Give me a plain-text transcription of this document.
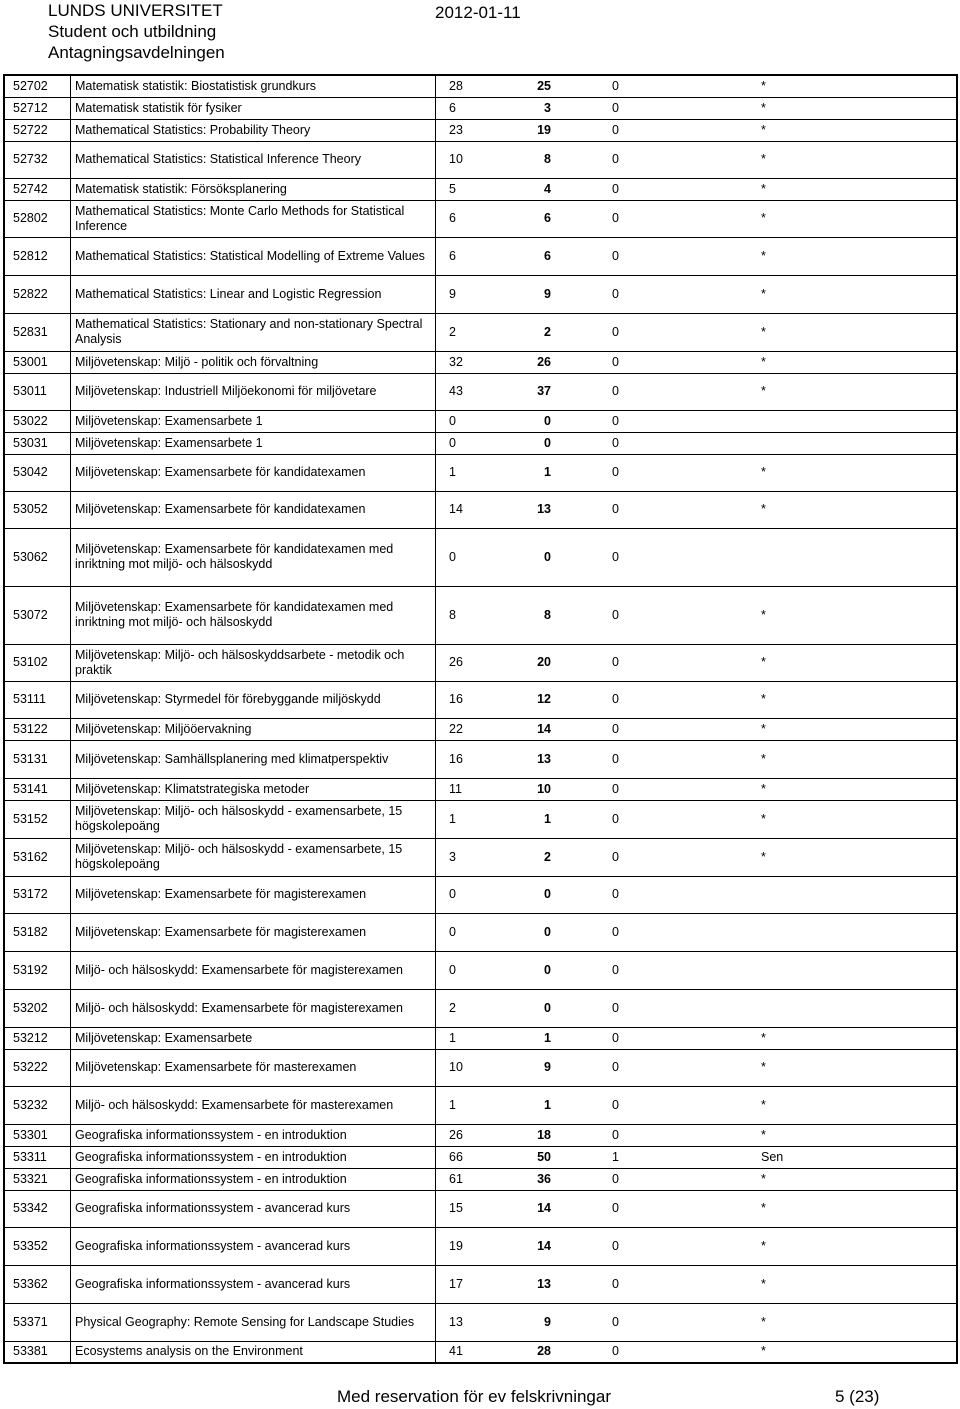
LUNDS UNIVERSITET
Student och utbildning
Antagningsavdelningen
2012-01-11
52702	Matematisk statistik: Biostatistisk grundkurs	28	25	0	*
52712	Matematisk statistik för fysiker	6	3	0	*
52722	Mathematical Statistics: Probability Theory	23	19	0	*
52732	Mathematical Statistics: Statistical Inference Theory	10	8	0	*
52742	Matematisk statistik: Försöksplanering	5	4	0	*
52802	Mathematical Statistics: Monte Carlo Methods for Statistical Inference	6	6	0	*
52812	Mathematical Statistics: Statistical Modelling of Extreme Values	6	6	0	*
52822	Mathematical Statistics: Linear and Logistic Regression	9	9	0	*
52831	Mathematical Statistics: Stationary and non-stationary Spectral Analysis	2	2	0	*
53001	Miljövetenskap: Miljö - politik och förvaltning	32	26	0	*
53011	Miljövetenskap: Industriell Miljöekonomi för miljövetare	43	37	0	*
53022	Miljövetenskap: Examensarbete 1	0	0	0	
53031	Miljövetenskap: Examensarbete 1	0	0	0	
53042	Miljövetenskap: Examensarbete för kandidatexamen	1	1	0	*
53052	Miljövetenskap: Examensarbete för kandidatexamen	14	13	0	*
53062	Miljövetenskap: Examensarbete för kandidatexamen med inriktning mot miljö- och hälsoskydd	0	0	0	
53072	Miljövetenskap: Examensarbete för kandidatexamen med inriktning mot miljö- och hälsoskydd	8	8	0	*
53102	Miljövetenskap: Miljö- och hälsoskyddsarbete - metodik och praktik	26	20	0	*
53111	Miljövetenskap: Styrmedel för förebyggande miljöskydd	16	12	0	*
53122	Miljövetenskap: Miljööervakning	22	14	0	*
53131	Miljövetenskap: Samhällsplanering med klimatperspektiv	16	13	0	*
53141	Miljövetenskap: Klimatstrategiska metoder	11	10	0	*
53152	Miljövetenskap: Miljö- och hälsoskydd - examensarbete, 15 högskolepoäng	1	1	0	*
53162	Miljövetenskap: Miljö- och hälsoskydd - examensarbete, 15 högskolepoäng	3	2	0	*
53172	Miljövetenskap: Examensarbete för magisterexamen	0	0	0	
53182	Miljövetenskap: Examensarbete för magisterexamen	0	0	0	
53192	Miljö- och hälsoskydd: Examensarbete för magisterexamen	0	0	0	
53202	Miljö- och hälsoskydd: Examensarbete för magisterexamen	2	0	0	
53212	Miljövetenskap: Examensarbete	1	1	0	*
53222	Miljövetenskap: Examensarbete för masterexamen	10	9	0	*
53232	Miljö- och hälsoskydd: Examensarbete för masterexamen	1	1	0	*
53301	Geografiska informationssystem - en introduktion	26	18	0	*
53311	Geografiska informationssystem - en introduktion	66	50	1	Sen
53321	Geografiska informationssystem - en introduktion	61	36	0	*
53342	Geografiska informationssystem - avancerad kurs	15	14	0	*
53352	Geografiska informationssystem - avancerad kurs	19	14	0	*
53362	Geografiska informationssystem - avancerad kurs	17	13	0	*
53371	Physical Geography: Remote Sensing for Landscape Studies	13	9	0	*
53381	Ecosystems analysis on the Environment	41	28	0	*
Med reservation för ev felskrivningar	5 (23)
